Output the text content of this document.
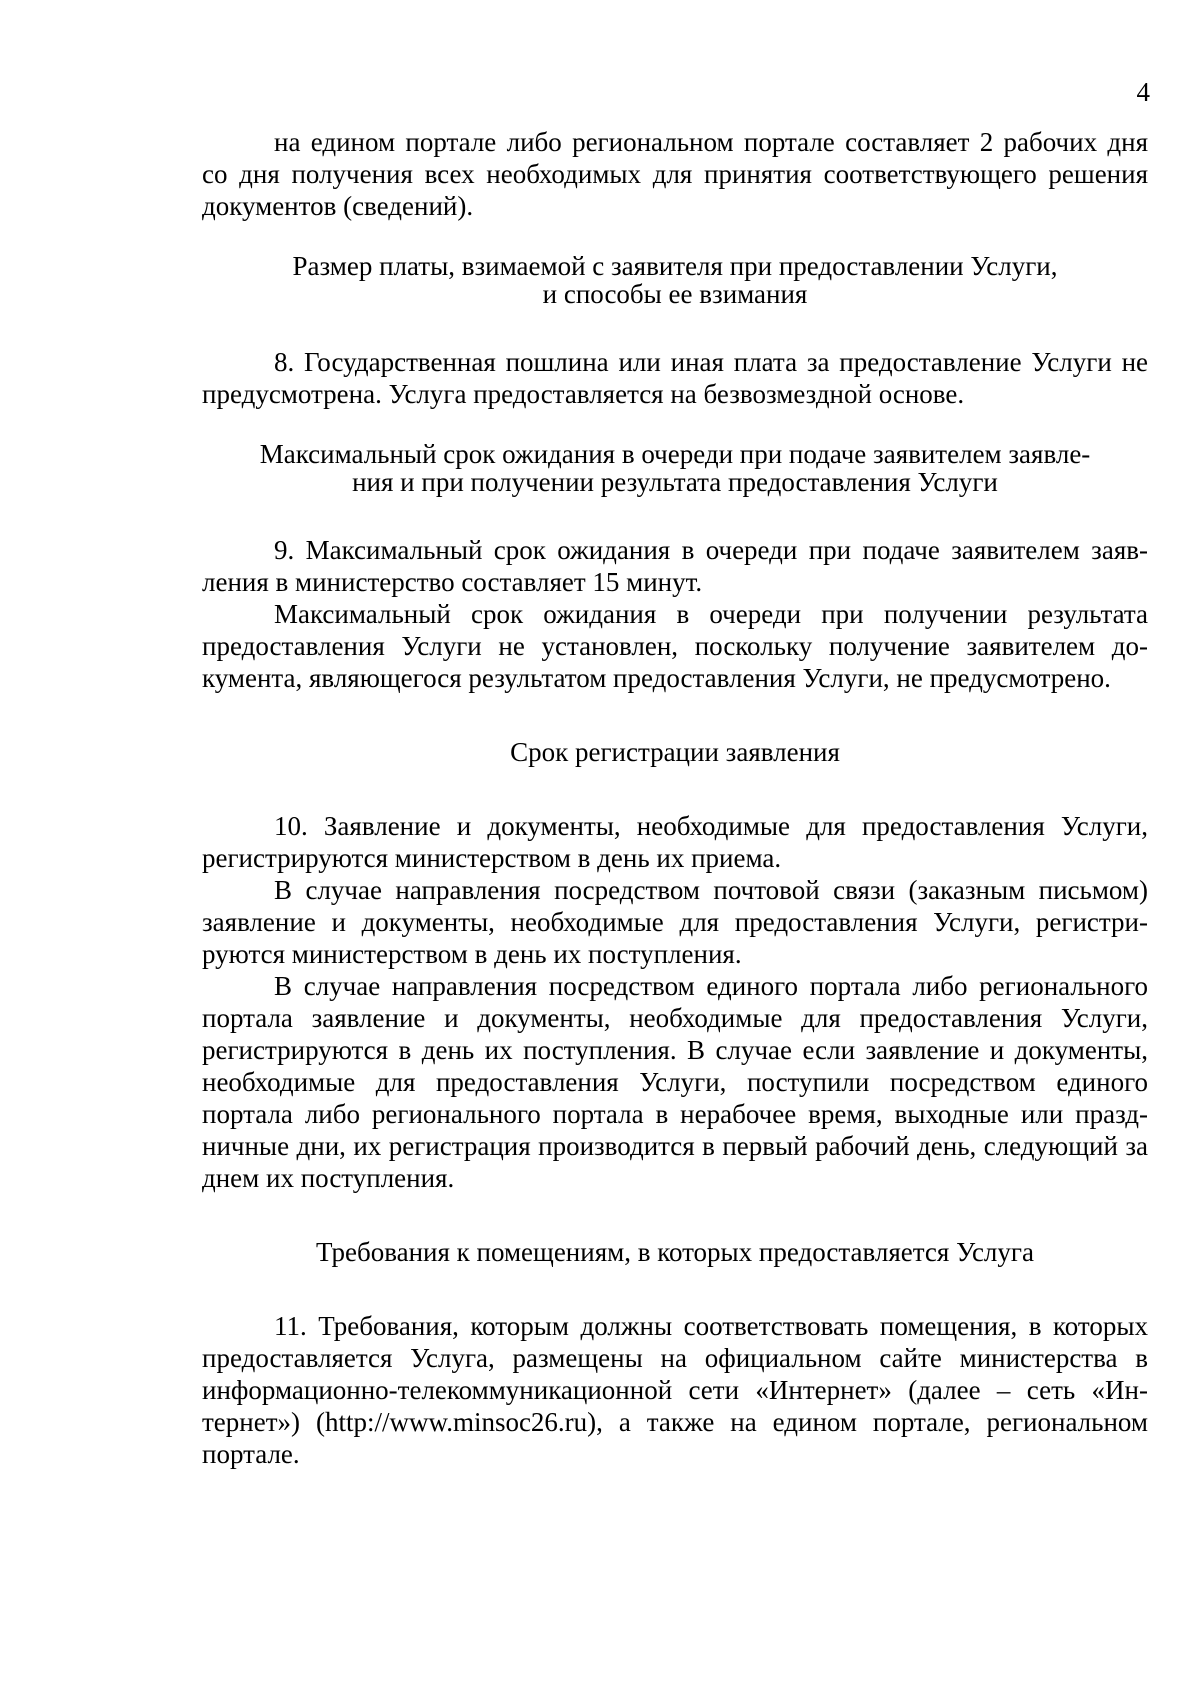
4

на едином портале либо региональном портале составляет 2 рабочих дня со дня получения всех необходимых для принятия соответствующего решения документов (сведений).

Размер платы, взимаемой с заявителя при предоставлении Услуги,
и способы ее взимания

8. Государственная пошлина или иная плата за предоставление Услуги не предусмотрена. Услуга предоставляется на безвозмездной основе.

Максимальный срок ожидания в очереди при подаче заявителем заявле-
ния и при получении результата предоставления Услуги

9. Максимальный срок ожидания в очереди при подаче заявителем заявления в министерство составляет 15 минут.

Максимальный срок ожидания в очереди при получении результата предоставления Услуги не установлен, поскольку получение заявителем документа, являющегося результатом предоставления Услуги, не предусмотрено.

Срок регистрации заявления

10. Заявление и документы, необходимые для предоставления Услуги, регистрируются министерством в день их приема.

В случае направления посредством почтовой связи (заказным письмом) заявление и документы, необходимые для предоставления Услуги, регистрируются министерством в день их поступления.

В случае направления посредством единого портала либо регионального портала заявление и документы, необходимые для предоставления Услуги, регистрируются в день их поступления. В случае если заявление и документы, необходимые для предоставления Услуги, поступили посредством единого портала либо регионального портала в нерабочее время, выходные или праздничные дни, их регистрация производится в первый рабочий день, следующий за днем их поступления.

Требования к помещениям, в которых предоставляется Услуга

11. Требования, которым должны соответствовать помещения, в которых предоставляется Услуга, размещены на официальном сайте министерства в информационно-телекоммуникационной сети «Интернет» (далее – сеть «Интернет») (http://www.minsoc26.ru), а также на едином портале, региональном портале.
